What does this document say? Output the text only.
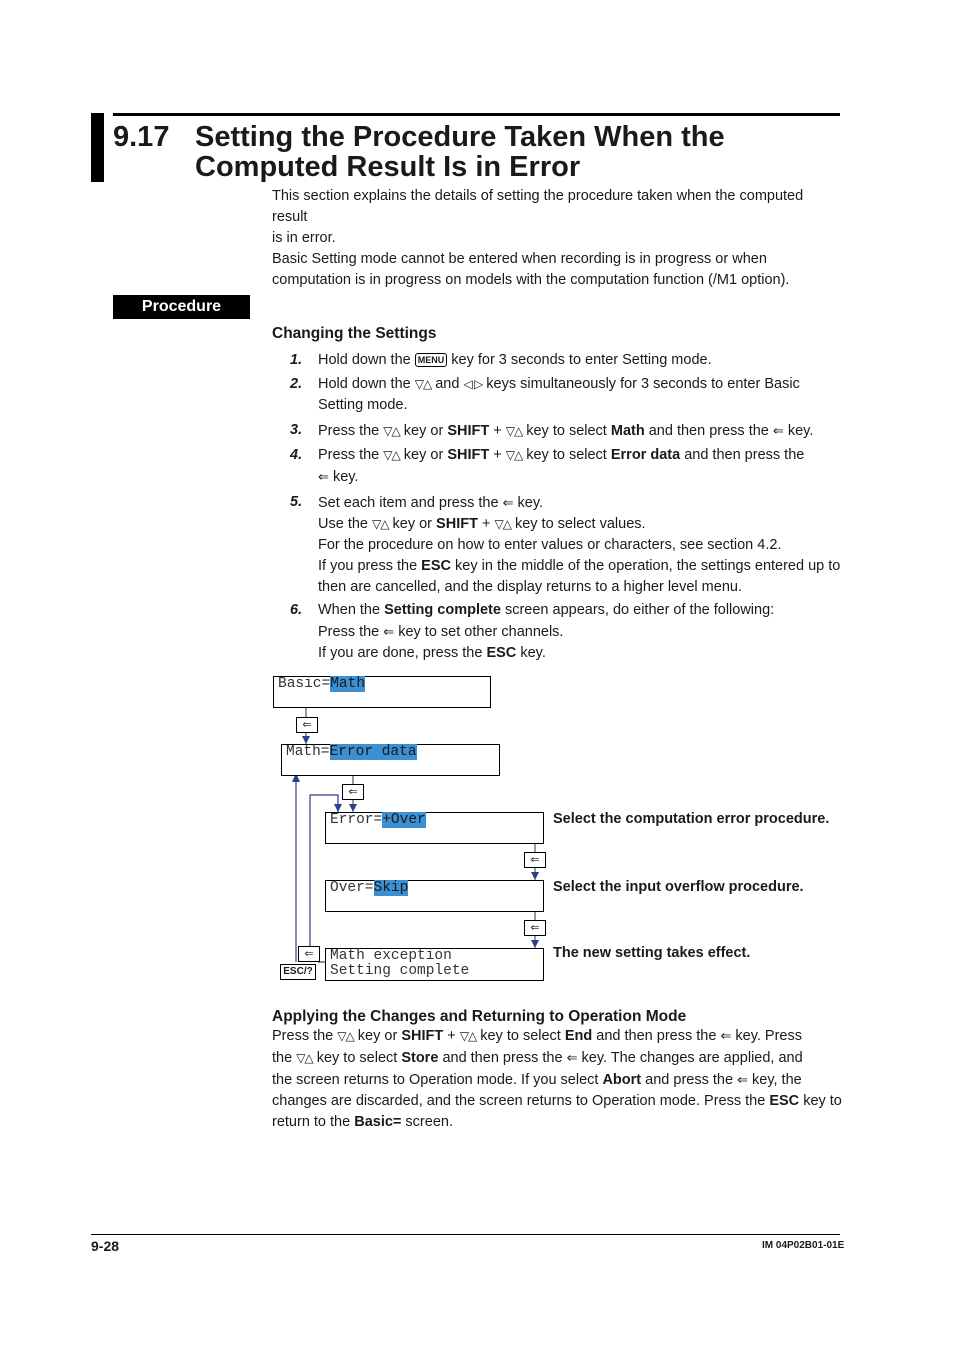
9.17 Setting the Procedure Taken When the
Computed Result Is in Error
This section explains the details of setting the procedure taken when the computed result
is in error.
Basic Setting mode cannot be entered when recording is in progress or when
computation is in progress on models with the computation function (/M1 option).
Procedure
Changing the Settings
1. Hold down the MENU key for 3 seconds to enter Setting mode.
2. Hold down the ▽△ and ◁ ▷ keys simultaneously for 3 seconds to enter Basic
Setting mode.
3. Press the ▽△ key or SHIFT + ▽△ key to select Math and then press the ⇐ key.
4. Press the ▽△ key or SHIFT + ▽△ key to select Error data and then press the
⇐ key.
5. Set each item and press the ⇐ key.
Use the ▽△ key or SHIFT + ▽△ key to select values.
For the procedure on how to enter values or characters, see section 4.2.
If you press the ESC key in the middle of the operation, the settings entered up to
then are cancelled, and the display returns to a higher level menu.
6. When the Setting complete screen appears, do either of the following:
Press the ⇐ key to set other channels.
If you are done, press the ESC key.
Basic=Math
⇐
Math=Error data
⇐
Error=+Over	Select the computation error procedure.
⇐
Over=Skip	Select the input overflow procedure.
⇐
Math exception
Setting complete
The new setting takes effect.
⇐
ESC/?
Applying the Changes and Returning to Operation Mode
Press the ▽△ key or SHIFT + ▽△ key to select End and then press the ⇐ key. Press
the ▽△ key to select Store and then press the ⇐ key. The changes are applied, and
the screen returns to Operation mode. If you select Abort and press the ⇐ key, the
changes are discarded, and the screen returns to Operation mode. Press the ESC key to
return to the Basic= screen.
9-28	IM 04P02B01-01E
